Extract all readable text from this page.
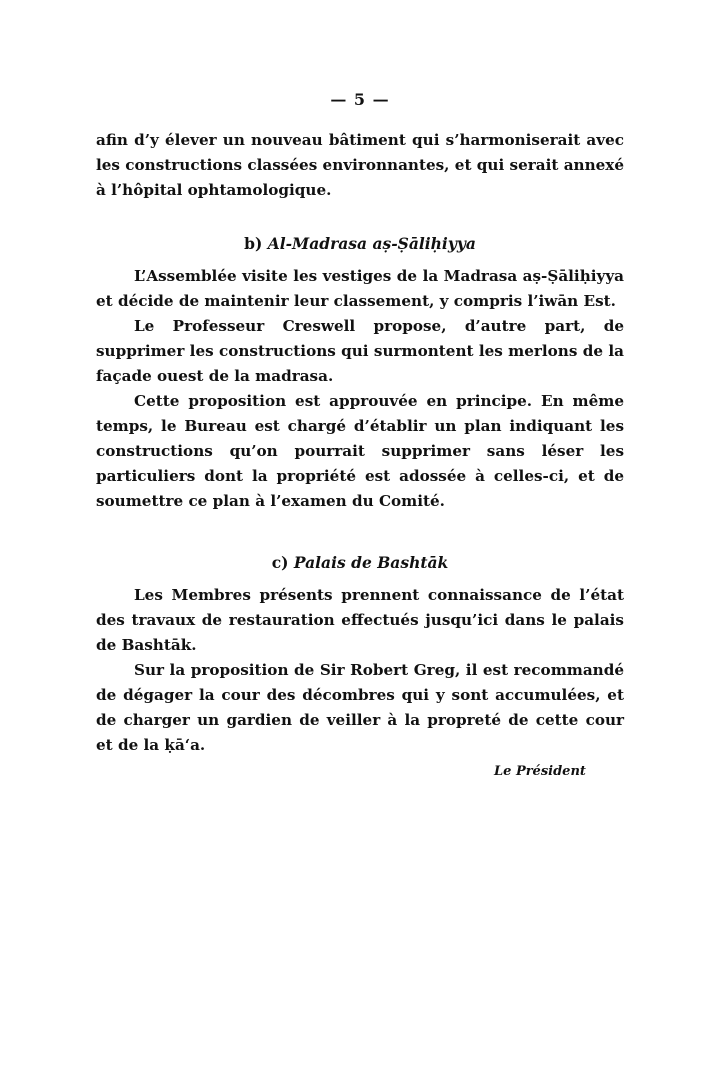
— 5 —

afin d’y élever un nouveau bâtiment qui s’harmoniserait avec les constructions classées environnantes, et qui serait annexé à l’hôpital ophtamologique.

b) Al-Madrasa aṣ-Ṣāliḥiyya

L’Assemblée visite les vestiges de la Madrasa aṣ-Ṣāliḥiyya et décide de maintenir leur classement, y compris l’iwān Est.

Le Professeur Creswell propose, d’autre part, de supprimer les constructions qui surmontent les merlons de la façade ouest de la madrasa.

Cette proposition est approuvée en principe. En même temps, le Bureau est chargé d’établir un plan indiquant les constructions qu’on pourrait supprimer sans léser les particuliers dont la propriété est adossée à celles-ci, et de soumettre ce plan à l’examen du Comité.

c) Palais de Bashtāk

Les Membres présents prennent connaissance de l’état des travaux de restauration effectués jusqu’ici dans le palais de Bashtāk.

Sur la proposition de Sir Robert Greg, il est recommandé de dégager la cour des décombres qui y sont accumulées, et de charger un gardien de veiller à la propreté de cette cour et de la ḳā‘a.

Le Président
